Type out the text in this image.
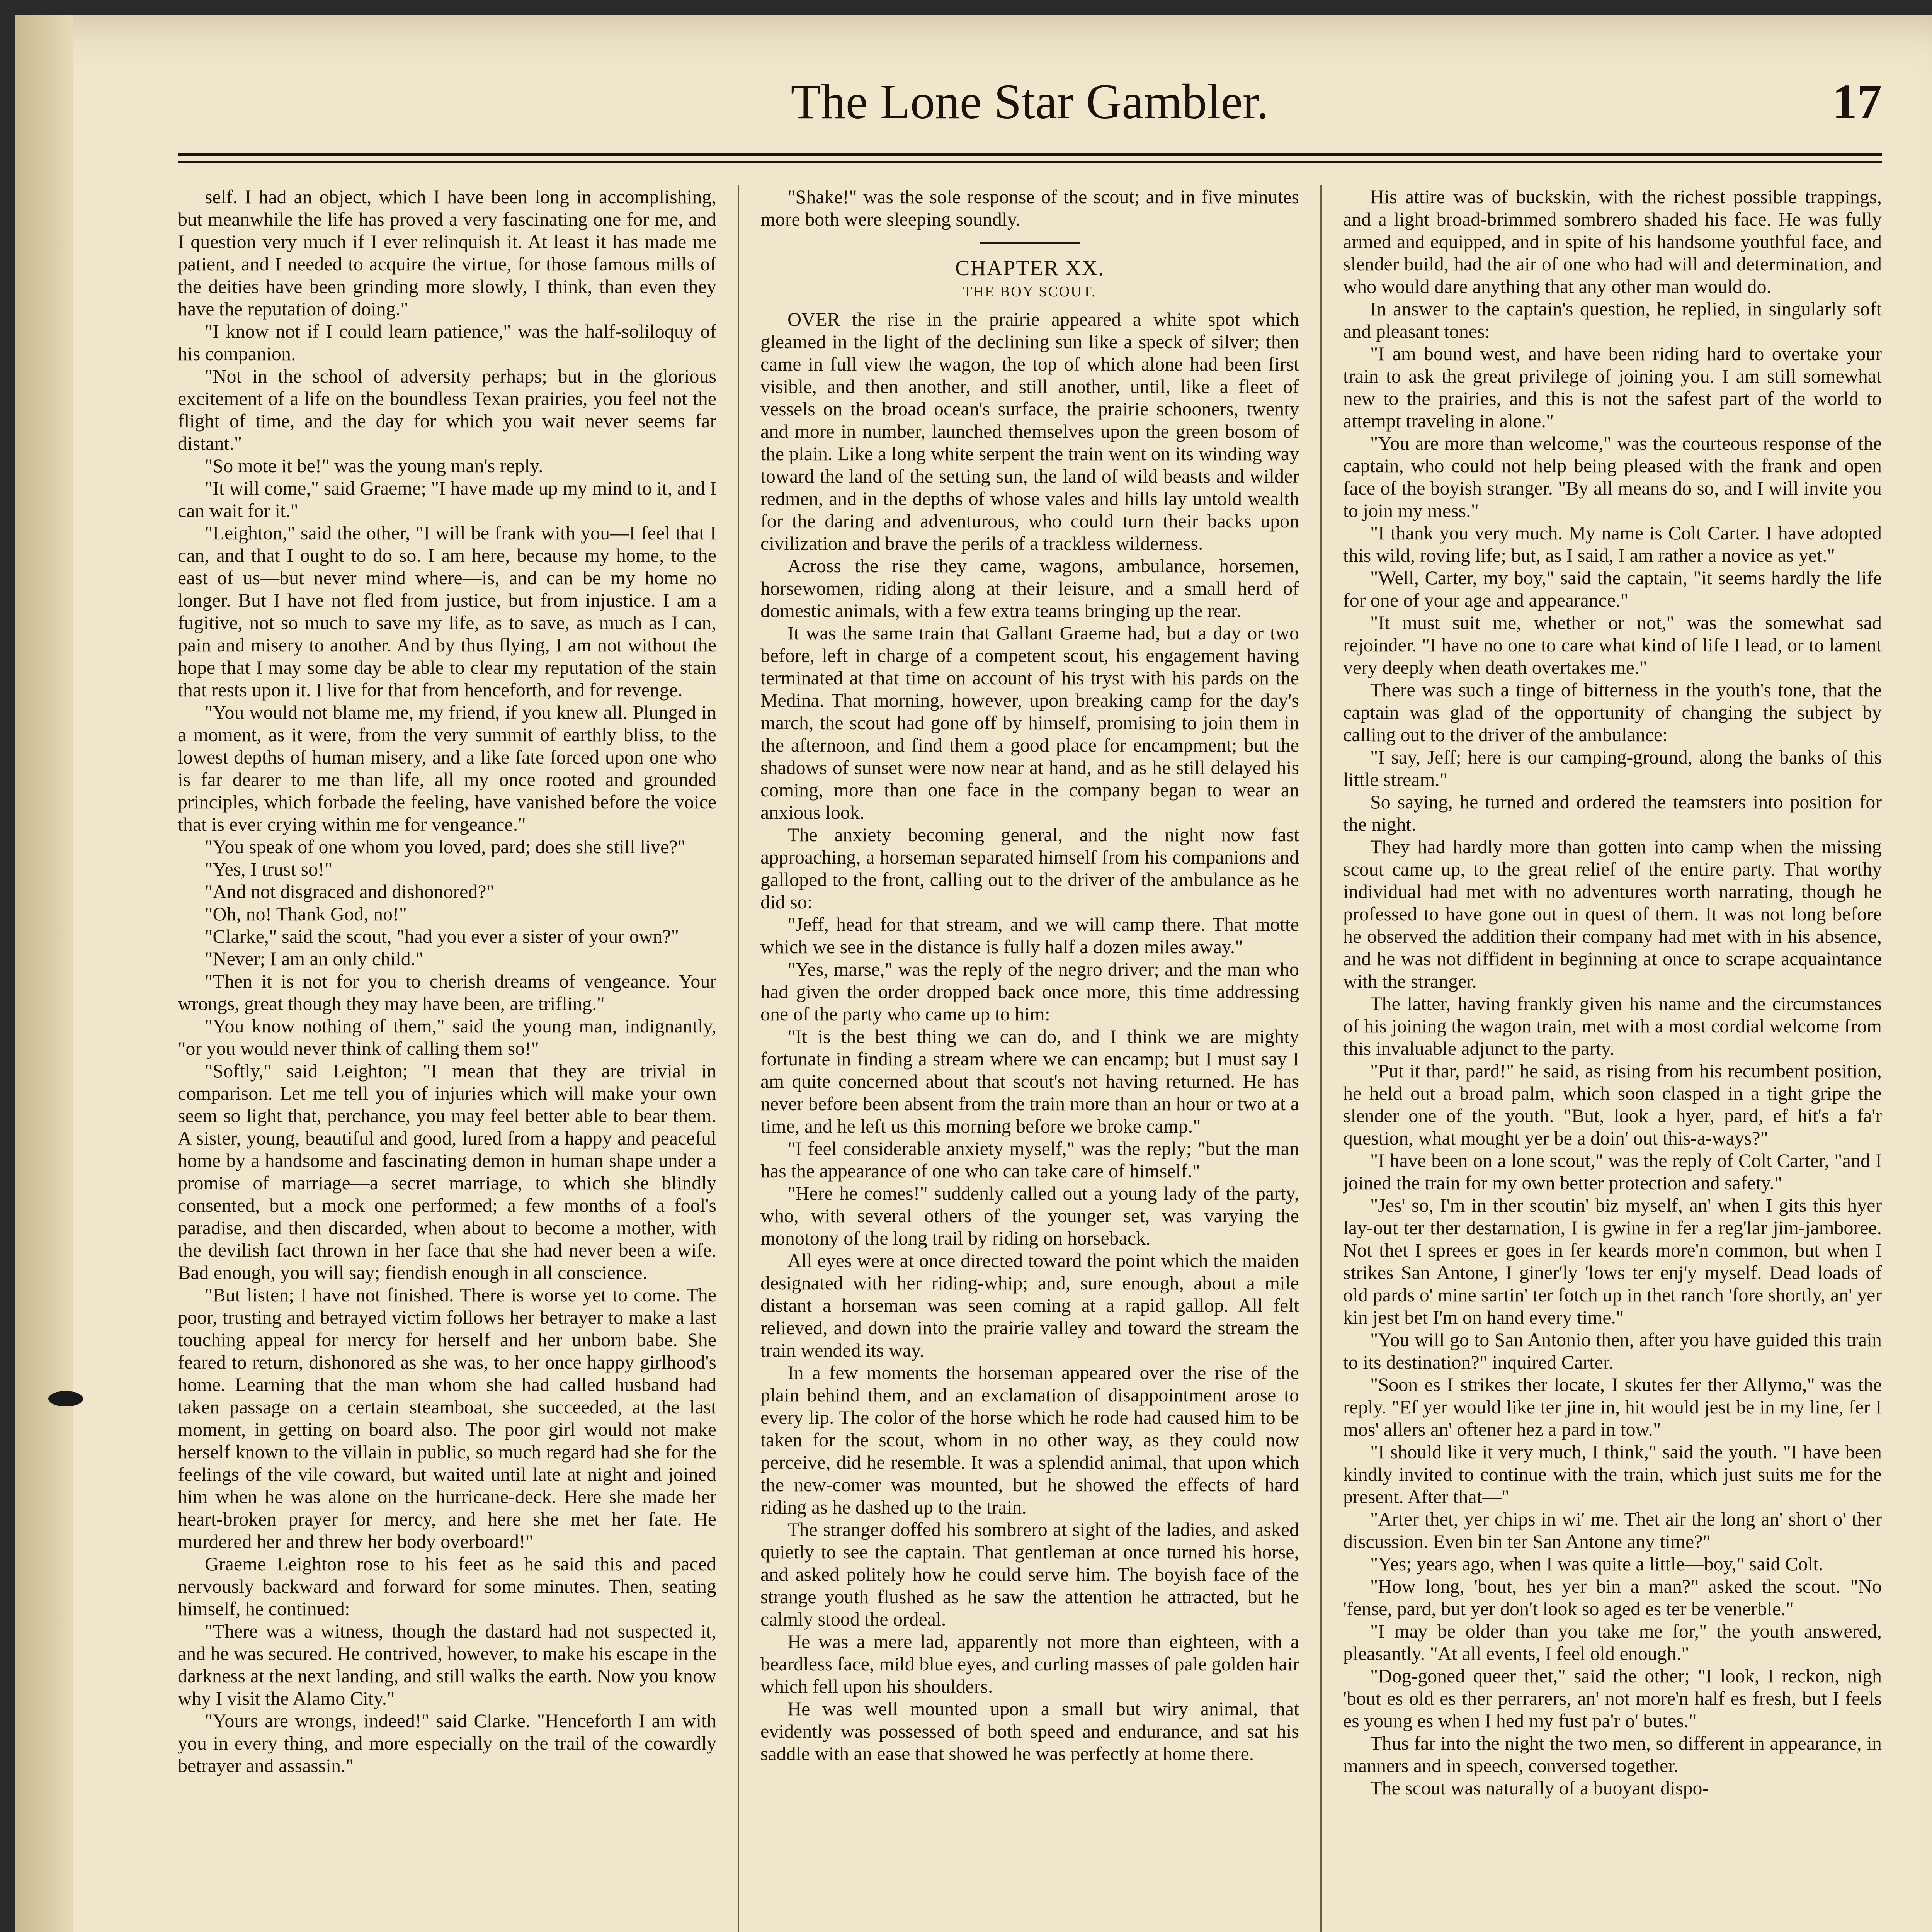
The Lone Star Gambler.	17

self. I had an object, which I have been long in accomplishing, but meanwhile the life has proved a very fascinating one for me, and I question very much if I ever relinquish it. At least it has made me patient, and I needed to acquire the virtue, for those famous mills of the deities have been grinding more slowly, I think, than even they have the reputation of doing."

"I know not if I could learn patience," was the half-soliloquy of his companion.

"Not in the school of adversity perhaps; but in the glorious excitement of a life on the boundless Texan prairies, you feel not the flight of time, and the day for which you wait never seems far distant."

"So mote it be!" was the young man's reply.

"It will come," said Graeme; "I have made up my mind to it, and I can wait for it."

"Leighton," said the other, "I will be frank with you—I feel that I can, and that I ought to do so. I am here, because my home, to the east of us—but never mind where—is, and can be my home no longer. But I have not fled from justice, but from injustice. I am a fugitive, not so much to save my life, as to save, as much as I can, pain and misery to another. And by thus flying, I am not without the hope that I may some day be able to clear my reputation of the stain that rests upon it. I live for that from henceforth, and for revenge.

"You would not blame me, my friend, if you knew all. Plunged in a moment, as it were, from the very summit of earthly bliss, to the lowest depths of human misery, and a like fate forced upon one who is far dearer to me than life, all my once rooted and grounded principles, which forbade the feeling, have vanished before the voice that is ever crying within me for vengeance."

"You speak of one whom you loved, pard; does she still live?"

"Yes, I trust so!"

"And not disgraced and dishonored?"

"Oh, no! Thank God, no!"

"Clarke," said the scout, "had you ever a sister of your own?"

"Never; I am an only child."

"Then it is not for you to cherish dreams of vengeance. Your wrongs, great though they may have been, are trifling."

"You know nothing of them," said the young man, indignantly, "or you would never think of calling them so!"

"Softly," said Leighton; "I mean that they are trivial in comparison. Let me tell you of injuries which will make your own seem so light that, perchance, you may feel better able to bear them. A sister, young, beautiful and good, lured from a happy and peaceful home by a handsome and fascinating demon in human shape under a promise of marriage—a secret marriage, to which she blindly consented, but a mock one performed; a few months of a fool's paradise, and then discarded, when about to become a mother, with the devilish fact thrown in her face that she had never been a wife. Bad enough, you will say; fiendish enough in all conscience.

"But listen; I have not finished. There is worse yet to come. The poor, trusting and betrayed victim follows her betrayer to make a last touching appeal for mercy for herself and her unborn babe. She feared to return, dishonored as she was, to her once happy girlhood's home. Learning that the man whom she had called husband had taken passage on a certain steamboat, she succeeded, at the last moment, in getting on board also. The poor girl would not make herself known to the villain in public, so much regard had she for the feelings of the vile coward, but waited until late at night and joined him when he was alone on the hurricane-deck. Here she made her heart-broken prayer for mercy, and here she met her fate. He murdered her and threw her body overboard!"

Graeme Leighton rose to his feet as he said this and paced nervously backward and forward for some minutes. Then, seating himself, he continued:

"There was a witness, though the dastard had not suspected it, and he was secured. He contrived, however, to make his escape in the darkness at the next landing, and still walks the earth. Now you know why I visit the Alamo City."

"Yours are wrongs, indeed!" said Clarke. "Henceforth I am with you in every thing, and more especially on the trail of the cowardly betrayer and assassin."

"Shake!" was the sole response of the scout; and in five minutes more both were sleeping soundly.

CHAPTER XX.
THE BOY SCOUT.

OVER the rise in the prairie appeared a white spot which gleamed in the light of the declining sun like a speck of silver; then came in full view the wagon, the top of which alone had been first visible, and then another, and still another, until, like a fleet of vessels on the broad ocean's surface, the prairie schooners, twenty and more in number, launched themselves upon the green bosom of the plain. Like a long white serpent the train went on its winding way toward the land of the setting sun, the land of wild beasts and wilder redmen, and in the depths of whose vales and hills lay untold wealth for the daring and adventurous, who could turn their backs upon civilization and brave the perils of a trackless wilderness.

Across the rise they came, wagons, ambulance, horsemen, horsewomen, riding along at their leisure, and a small herd of domestic animals, with a few extra teams bringing up the rear.

It was the same train that Gallant Graeme had, but a day or two before, left in charge of a competent scout, his engagement having terminated at that time on account of his tryst with his pards on the Medina. That morning, however, upon breaking camp for the day's march, the scout had gone off by himself, promising to join them in the afternoon, and find them a good place for encampment; but the shadows of sunset were now near at hand, and as he still delayed his coming, more than one face in the company began to wear an anxious look.

The anxiety becoming general, and the night now fast approaching, a horseman separated himself from his companions and galloped to the front, calling out to the driver of the ambulance as he did so:

"Jeff, head for that stream, and we will camp there. That motte which we see in the distance is fully half a dozen miles away."

"Yes, marse," was the reply of the negro driver; and the man who had given the order dropped back once more, this time addressing one of the party who came up to him:

"It is the best thing we can do, and I think we are mighty fortunate in finding a stream where we can encamp; but I must say I am quite concerned about that scout's not having returned. He has never before been absent from the train more than an hour or two at a time, and he left us this morning before we broke camp."

"I feel considerable anxiety myself," was the reply; "but the man has the appearance of one who can take care of himself."

"Here he comes!" suddenly called out a young lady of the party, who, with several others of the younger set, was varying the monotony of the long trail by riding on horseback.

All eyes were at once directed toward the point which the maiden designated with her riding-whip; and, sure enough, about a mile distant a horseman was seen coming at a rapid gallop. All felt relieved, and down into the prairie valley and toward the stream the train wended its way.

In a few moments the horseman appeared over the rise of the plain behind them, and an exclamation of disappointment arose to every lip. The color of the horse which he rode had caused him to be taken for the scout, whom in no other way, as they could now perceive, did he resemble. It was a splendid animal, that upon which the new-comer was mounted, but he showed the effects of hard riding as he dashed up to the train.

The stranger doffed his sombrero at sight of the ladies, and asked quietly to see the captain. That gentleman at once turned his horse, and asked politely how he could serve him. The boyish face of the strange youth flushed as he saw the attention he attracted, but he calmly stood the ordeal.

He was a mere lad, apparently not more than eighteen, with a beardless face, mild blue eyes, and curling masses of pale golden hair which fell upon his shoulders.

He was well mounted upon a small but wiry animal, that evidently was possessed of both speed and endurance, and sat his saddle with an ease that showed he was perfectly at home there.

His attire was of buckskin, with the richest possible trappings, and a light broad-brimmed sombrero shaded his face. He was fully armed and equipped, and in spite of his handsome youthful face, and slender build, had the air of one who had will and determination, and who would dare anything that any other man would do.

In answer to the captain's question, he replied, in singularly soft and pleasant tones:

"I am bound west, and have been riding hard to overtake your train to ask the great privilege of joining you. I am still somewhat new to the prairies, and this is not the safest part of the world to attempt traveling in alone."

"You are more than welcome," was the courteous response of the captain, who could not help being pleased with the frank and open face of the boyish stranger. "By all means do so, and I will invite you to join my mess."

"I thank you very much. My name is Colt Carter. I have adopted this wild, roving life; but, as I said, I am rather a novice as yet."

"Well, Carter, my boy," said the captain, "it seems hardly the life for one of your age and appearance."

"It must suit me, whether or not," was the somewhat sad rejoinder. "I have no one to care what kind of life I lead, or to lament very deeply when death overtakes me."

There was such a tinge of bitterness in the youth's tone, that the captain was glad of the opportunity of changing the subject by calling out to the driver of the ambulance:

"I say, Jeff; here is our camping-ground, along the banks of this little stream."

So saying, he turned and ordered the teamsters into position for the night.

They had hardly more than gotten into camp when the missing scout came up, to the great relief of the entire party. That worthy individual had met with no adventures worth narrating, though he professed to have gone out in quest of them. It was not long before he observed the addition their company had met with in his absence, and he was not diffident in beginning at once to scrape acquaintance with the stranger.

The latter, having frankly given his name and the circumstances of his joining the wagon train, met with a most cordial welcome from this invaluable adjunct to the party.

"Put it thar, pard!" he said, as rising from his recumbent position, he held out a broad palm, which soon clasped in a tight gripe the slender one of the youth. "But, look a hyer, pard, ef hit's a fa'r question, what mought yer be a doin' out this-a-ways?"

"I have been on a lone scout," was the reply of Colt Carter, "and I joined the train for my own better protection and safety."

"Jes' so, I'm in ther scoutin' biz myself, an' when I gits this hyer lay-out ter ther destarnation, I is gwine in fer a reg'lar jim-jamboree. Not thet I sprees er goes in fer keards more'n common, but when I strikes San Antone, I giner'ly 'lows ter enj'y myself. Dead loads of old pards o' mine sartin' ter fotch up in thet ranch 'fore shortly, an' yer kin jest bet I'm on hand every time."

"You will go to San Antonio then, after you have guided this train to its destination?" inquired Carter.

"Soon es I strikes ther locate, I skutes fer ther Allymo," was the reply. "Ef yer would like ter jine in, hit would jest be in my line, fer I mos' allers an' oftener hez a pard in tow."

"I should like it very much, I think," said the youth. "I have been kindly invited to continue with the train, which just suits me for the present. After that—"

"Arter thet, yer chips in wi' me. Thet air the long an' short o' ther discussion. Even bin ter San Antone any time?"

"Yes; years ago, when I was quite a little—boy," said Colt.

"How long, 'bout, hes yer bin a man?" asked the scout. "No 'fense, pard, but yer don't look so aged es ter be venerble."

"I may be older than you take me for," the youth answered, pleasantly. "At all events, I feel old enough."

"Dog-goned queer thet," said the other; "I look, I reckon, nigh 'bout es old es ther perrarers, an' not more'n half es fresh, but I feels es young es when I hed my fust pa'r o' butes."

Thus far into the night the two men, so different in appearance, in manners and in speech, conversed together.

The scout was naturally of a buoyant dispo-
